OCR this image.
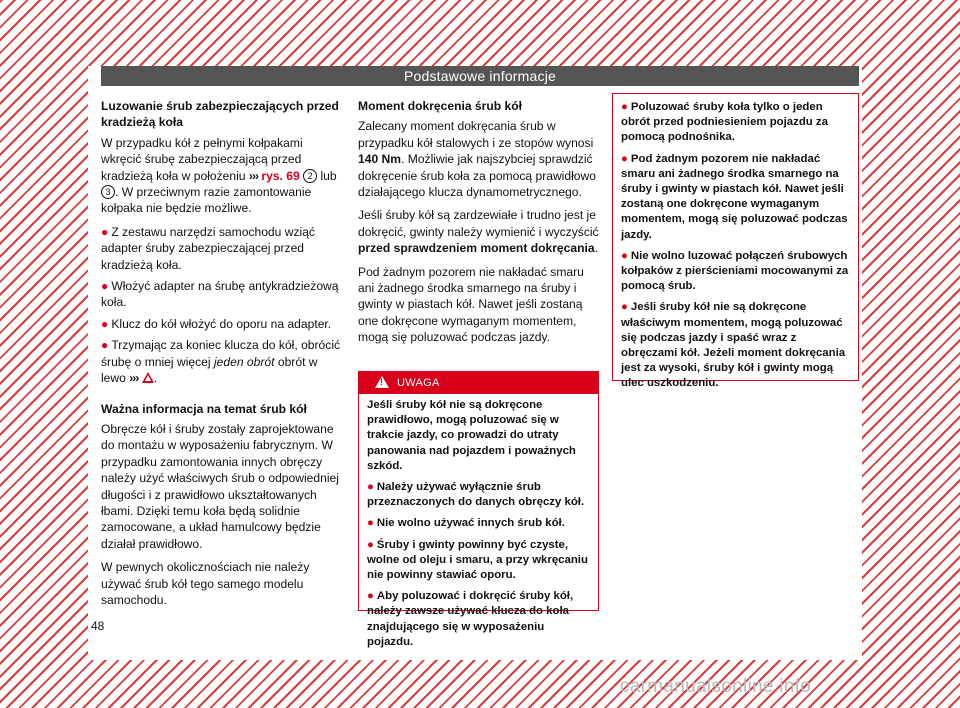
Podstawowe informacje
Luzowanie śrub zabezpieczających przed kradzieżą koła

W przypadku kół z pełnymi kołpakami wkręcić śrubę zabezpieczającą przed kradzieżą koła w położeniu ››› rys. 69 2 lub 3 . W przeciwnym razie zamontowanie kołpaka nie będzie możliwe.

● Z zestawu narzędzi samochodu wziąć adapter śruby zabezpieczającej przed kradzieżą koła.

● Włożyć adapter na śrubę antykradzieżową koła.

● Klucz do kół włożyć do oporu na adapter.

● Trzymając za koniec klucza do kół, obrócić śrubę o mniej więcej jeden obrót obrót w lewo ››› .

Ważna informacja na temat śrub kół

Obręcze kół i śruby zostały zaprojektowane do montażu w wyposażeniu fabrycznym. W przypadku zamontowania innych obręczy należy użyć właściwych śrub o odpowiedniej długości i z prawidłowo ukształtowanych łbami. Dzięki temu koła będą solidnie zamocowane, a układ hamulcowy będzie działał prawidłowo.

W pewnych okolicznościach nie należy używać śrub kół tego samego modelu samochodu.

Moment dokręcenia śrub kół

Zalecany moment dokręcania śrub w przypadku kół stalowych i ze stopów wynosi 140 Nm. Możliwie jak najszybciej sprawdzić dokręcenie śrub koła za pomocą prawidłowo działającego klucza dynamometrycznego.

Jeśli śruby kół są zardzewiałe i trudno jest je dokręcić, gwinty należy wymienić i wyczyścić przed sprawdzeniem moment dokręcania.

Pod żadnym pozorem nie nakładać smaru ani żadnego środka smarnego na śruby i gwinty w piastach kół. Nawet jeśli zostaną one dokręcone wymaganym momentem, mogą się poluzować podczas jazdy.

!UWAGA

Jeśli śruby kół nie są dokręcone prawidłowo, mogą poluzować się w trakcie jazdy, co prowadzi do utraty panowania nad pojazdem i poważnych szkód.

● Należy używać wyłącznie śrub przeznaczonych do danych obręczy kół.

● Nie wolno używać innych śrub kół.

● Śruby i gwinty powinny być czyste, wolne od oleju i smaru, a przy wkręcaniu nie powinny stawiać oporu.

● Aby poluzować i dokręcić śruby kół, należy zawsze używać klucza do koła znajdującego się w wyposażeniu pojazdu.

● Poluzować śruby koła tylko o jeden obrót przed podniesieniem pojazdu za pomocą podnośnika.

● Pod żadnym pozorem nie nakładać smaru ani żadnego środka smarnego na śruby i gwinty w piastach kół. Nawet jeśli zostaną one dokręcone wymaganym momentem, mogą się poluzować podczas jazdy.

● Nie wolno luzować połączeń śrubowych kołpaków z pierścieniami mocowanymi za pomocą śrub.

● Jeśli śruby kół nie są dokręcone właściwym momentem, mogą poluzować się podczas jazdy i spaść wraz z obręczami kół. Jeżeli moment dokręcania jest za wysoki, śruby kół i gwinty mogą ulec uszkodzeniu.

48
carmanualsonline.info
